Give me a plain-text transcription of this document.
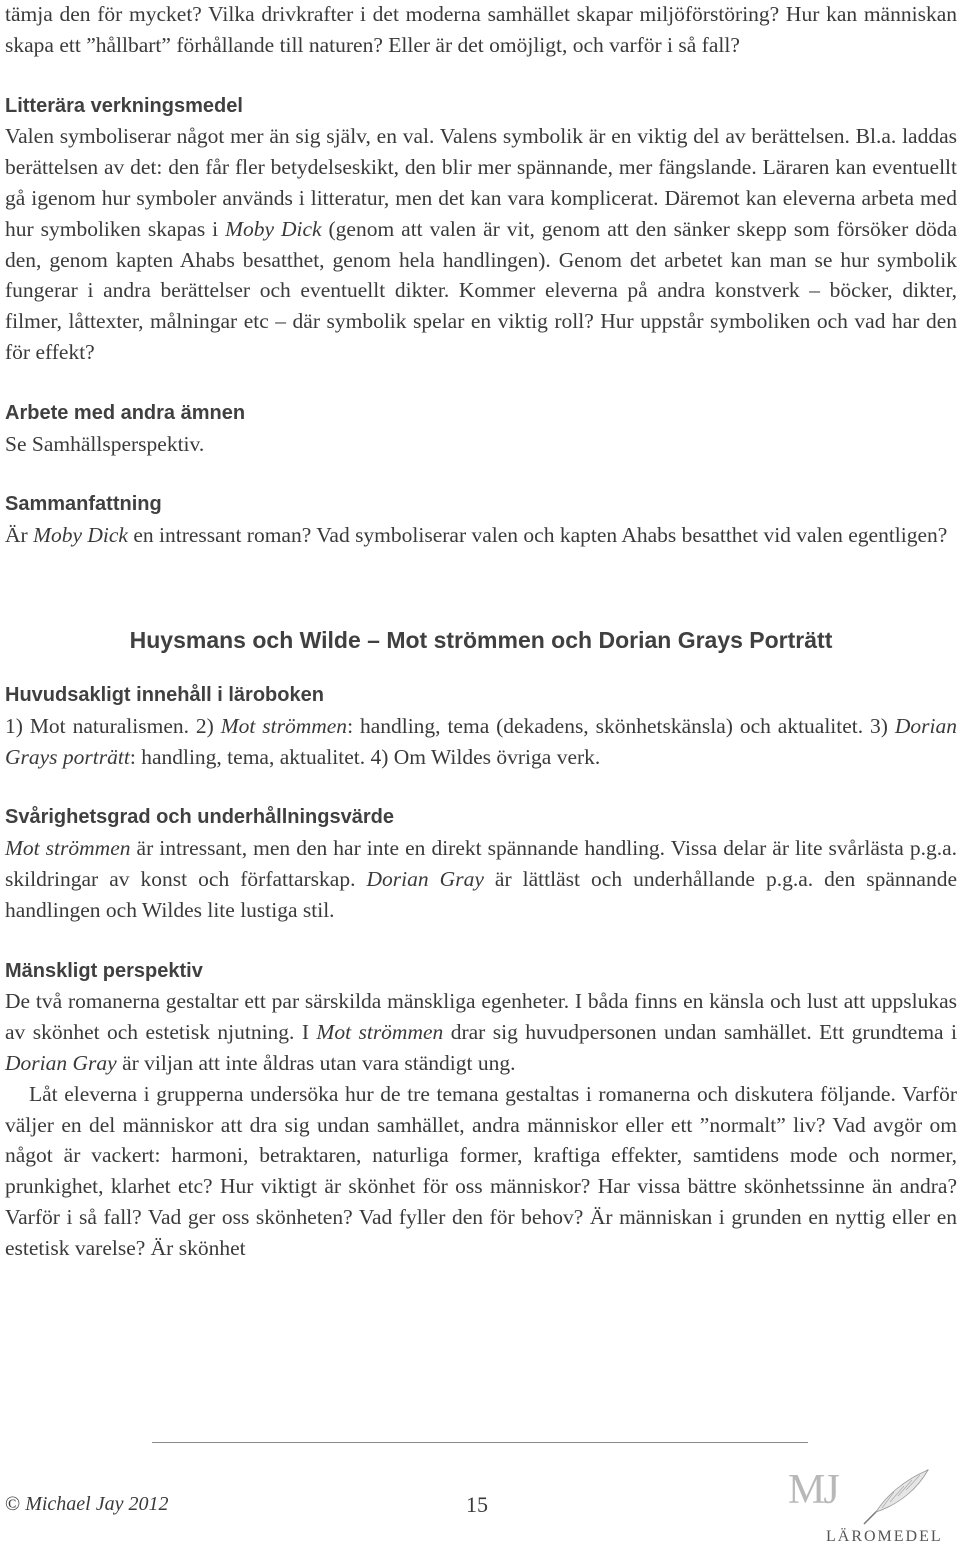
tämja den för mycket? Vilka drivkrafter i det moderna samhället skapar miljöförstöring? Hur kan människan skapa ett ”hållbart” förhållande till naturen? Eller är det omöjligt, och varför i så fall?

Litterära verkningsmedel

Valen symboliserar något mer än sig själv, en val. Valens symbolik är en viktig del av berättelsen. Bl.a. laddas berättelsen av det: den får fler betydelseskikt, den blir mer spännande, mer fängslande. Läraren kan eventuellt gå igenom hur symboler används i litteratur, men det kan vara komplicerat. Däremot kan eleverna arbeta med hur symboliken skapas i Moby Dick (genom att valen är vit, genom att den sänker skepp som försöker döda den, genom kapten Ahabs besatthet, genom hela handlingen). Genom det arbetet kan man se hur symbolik fungerar i andra berättelser och eventuellt dikter. Kommer eleverna på andra konstverk – böcker, dikter, filmer, låttexter, målningar etc – där symbolik spelar en viktig roll? Hur uppstår symboliken och vad har den för effekt?

Arbete med andra ämnen

Se Samhällsperspektiv.

Sammanfattning

Är Moby Dick en intressant roman? Vad symboliserar valen och kapten Ahabs besatthet vid valen egentligen?

Huysmans och Wilde – Mot strömmen och Dorian Grays Porträtt
Huvudsakligt innehåll i läroboken

1) Mot naturalismen. 2) Mot strömmen: handling, tema (dekadens, skönhetskänsla) och aktualitet. 3) Dorian Grays porträtt: handling, tema, aktualitet. 4) Om Wildes övriga verk.

Svårighetsgrad och underhållningsvärde

Mot strömmen är intressant, men den har inte en direkt spännande handling. Vissa delar är lite svårlästa p.g.a. skildringar av konst och författarskap. Dorian Gray är lättläst och underhållande p.g.a. den spännande handlingen och Wildes lite lustiga stil.

Mänskligt perspektiv

De två romanerna gestaltar ett par särskilda mänskliga egenheter. I båda finns en känsla och lust att uppslukas av skönhet och estetisk njutning. I Mot strömmen drar sig huvudpersonen undan samhället. Ett grundtema i Dorian Gray är viljan att inte åldras utan vara ständigt ung.

Låt eleverna i grupperna undersöka hur de tre temana gestaltas i romanerna och diskutera följande. Varför väljer en del människor att dra sig undan samhället, andra människor eller ett ”normalt” liv? Vad avgör om något är vackert: harmoni, betraktaren, naturliga former, kraftiga effekter, samtidens mode och normer, prunkighet, klarhet etc? Hur viktigt är skönhet för oss människor? Har vissa bättre skönhetssinne än andra? Varför i så fall? Vad ger oss skönheten? Vad fyller den för behov? Är människan i grunden en nyttig eller en estetisk varelse? Är skönhet

© Michael Jay 2012	15	MJ
LÄROMEDEL
